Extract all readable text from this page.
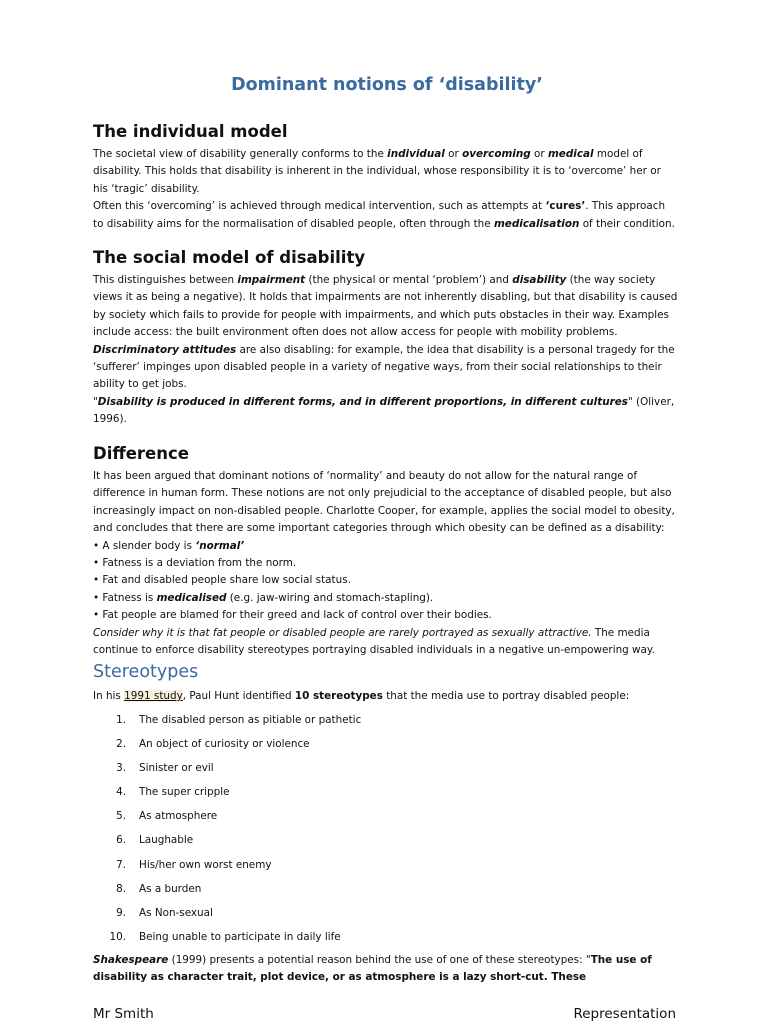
Dominant notions of ‘disability’
The individual model
The societal view of disability generally conforms to the individual or overcoming or medical model of
disability. This holds that disability is inherent in the individual, whose responsibility it is to ‘overcome’ her or
his ‘tragic’ disability.
Often this ‘overcoming’ is achieved through medical intervention, such as attempts at ‘cures’. This approach
to disability aims for the normalisation of disabled people, often through the medicalisation of their condition.
The social model of disability
This distinguishes between impairment (the physical or mental ‘problem’) and disability (the way society
views it as being a negative). It holds that impairments are not inherently disabling, but that disability is caused
by society which fails to provide for people with impairments, and which puts obstacles in their way. Examples
include access: the built environment often does not allow access for people with mobility problems.
Discriminatory attitudes are also disabling: for example, the idea that disability is a personal tragedy for the
‘sufferer’ impinges upon disabled people in a variety of negative ways, from their social relationships to their
ability to get jobs.
"Disability is produced in different forms, and in different proportions, in different cultures" (Oliver,
1996).
Difference
It has been argued that dominant notions of ‘normality’ and beauty do not allow for the natural range of
difference in human form. These notions are not only prejudicial to the acceptance of disabled people, but also
increasingly impact on non-disabled people. Charlotte Cooper, for example, applies the social model to obesity,
and concludes that there are some important categories through which obesity can be defined as a disability:
• A slender body is ‘normal’
• Fatness is a deviation from the norm.
• Fat and disabled people share low social status.
• Fatness is medicalised (e.g. jaw-wiring and stomach-stapling).
• Fat people are blamed for their greed and lack of control over their bodies.
Consider why it is that fat people or disabled people are rarely portrayed as sexually attractive. The media
continue to enforce disability stereotypes portraying disabled individuals in a negative un-empowering way.
Stereotypes
In his 1991 study, Paul Hunt identified 10 stereotypes that the media use to portray disabled people:
1. The disabled person as pitiable or pathetic
2. An object of curiosity or violence
3. Sinister or evil
4. The super cripple
5. As atmosphere
6. Laughable
7. His/her own worst enemy
8. As a burden
9. As Non-sexual
10. Being unable to participate in daily life
Shakespeare (1999) presents a potential reason behind the use of one of these stereotypes: "The use of
disability as character trait, plot device, or as atmosphere is a lazy short-cut. These
Mr Smith	Representation
